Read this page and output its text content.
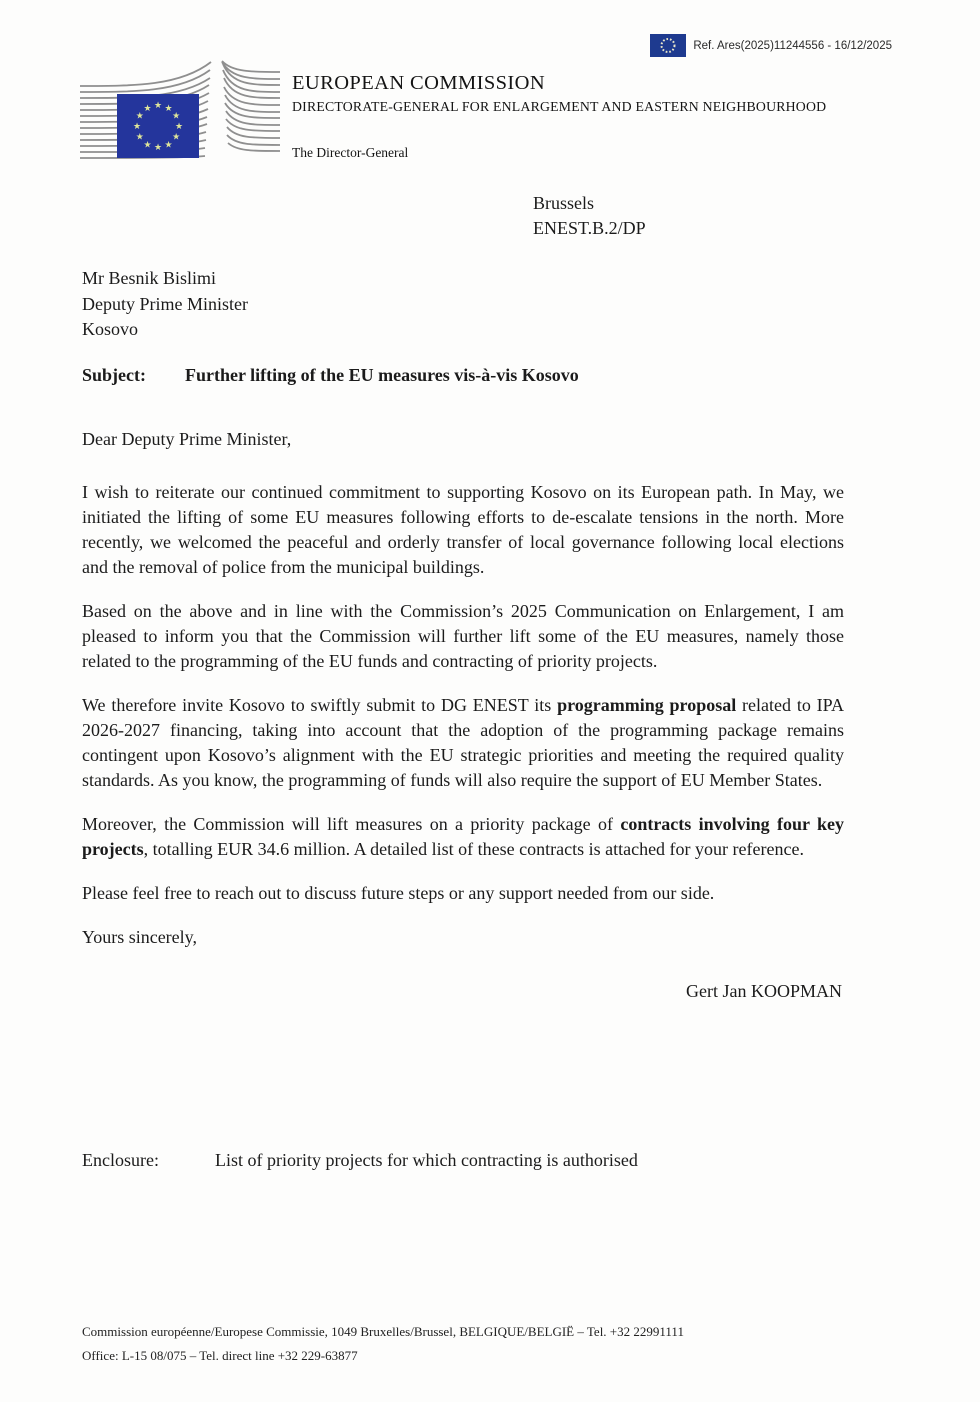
Ref. Ares(2025)11244556 - 16/12/2025
★ ★
★
★
★
★
★
★
★
★
★
★
EUROPEAN COMMISSION
DIRECTORATE-GENERAL FOR ENLARGEMENT AND EASTERN NEIGHBOURHOOD
The Director-General
Brussels
ENEST.B.2/DP
Mr Besnik Bislimi
Deputy Prime Minister
Kosovo
Subject:	Further lifting of the EU measures vis-à-vis Kosovo

Dear Deputy Prime Minister,

I wish to reiterate our continued commitment to supporting Kosovo on its European path. In May, we initiated the lifting of some EU measures following efforts to de-escalate tensions in the north. More recently, we welcomed the peaceful and orderly transfer of local governance following local elections and the removal of police from the municipal buildings.

Based on the above and in line with the Commission’s 2025 Communication on Enlargement, I am pleased to inform you that the Commission will further lift some of the EU measures, namely those related to the programming of the EU funds and contracting of priority projects.

We therefore invite Kosovo to swiftly submit to DG ENEST its programming proposal related to IPA 2026-2027 financing, taking into account that the adoption of the programming package remains contingent upon Kosovo’s alignment with the EU strategic priorities and meeting the required quality standards. As you know, the programming of funds will also require the support of EU Member States.

Moreover, the Commission will lift measures on a priority package of contracts involving four key projects, totalling EUR 34.6 million. A detailed list of these contracts is attached for your reference.

Please feel free to reach out to discuss future steps or any support needed from our side.

Yours sincerely,

Gert Jan KOOPMAN
Enclosure:	List of priority projects for which contracting is authorised
Commission européenne/Europese Commissie, 1049 Bruxelles/Brussel, BELGIQUE/BELGIË – Tel. +32 22991111
Office: L-15 08/075 – Tel. direct line +32 229-63877
